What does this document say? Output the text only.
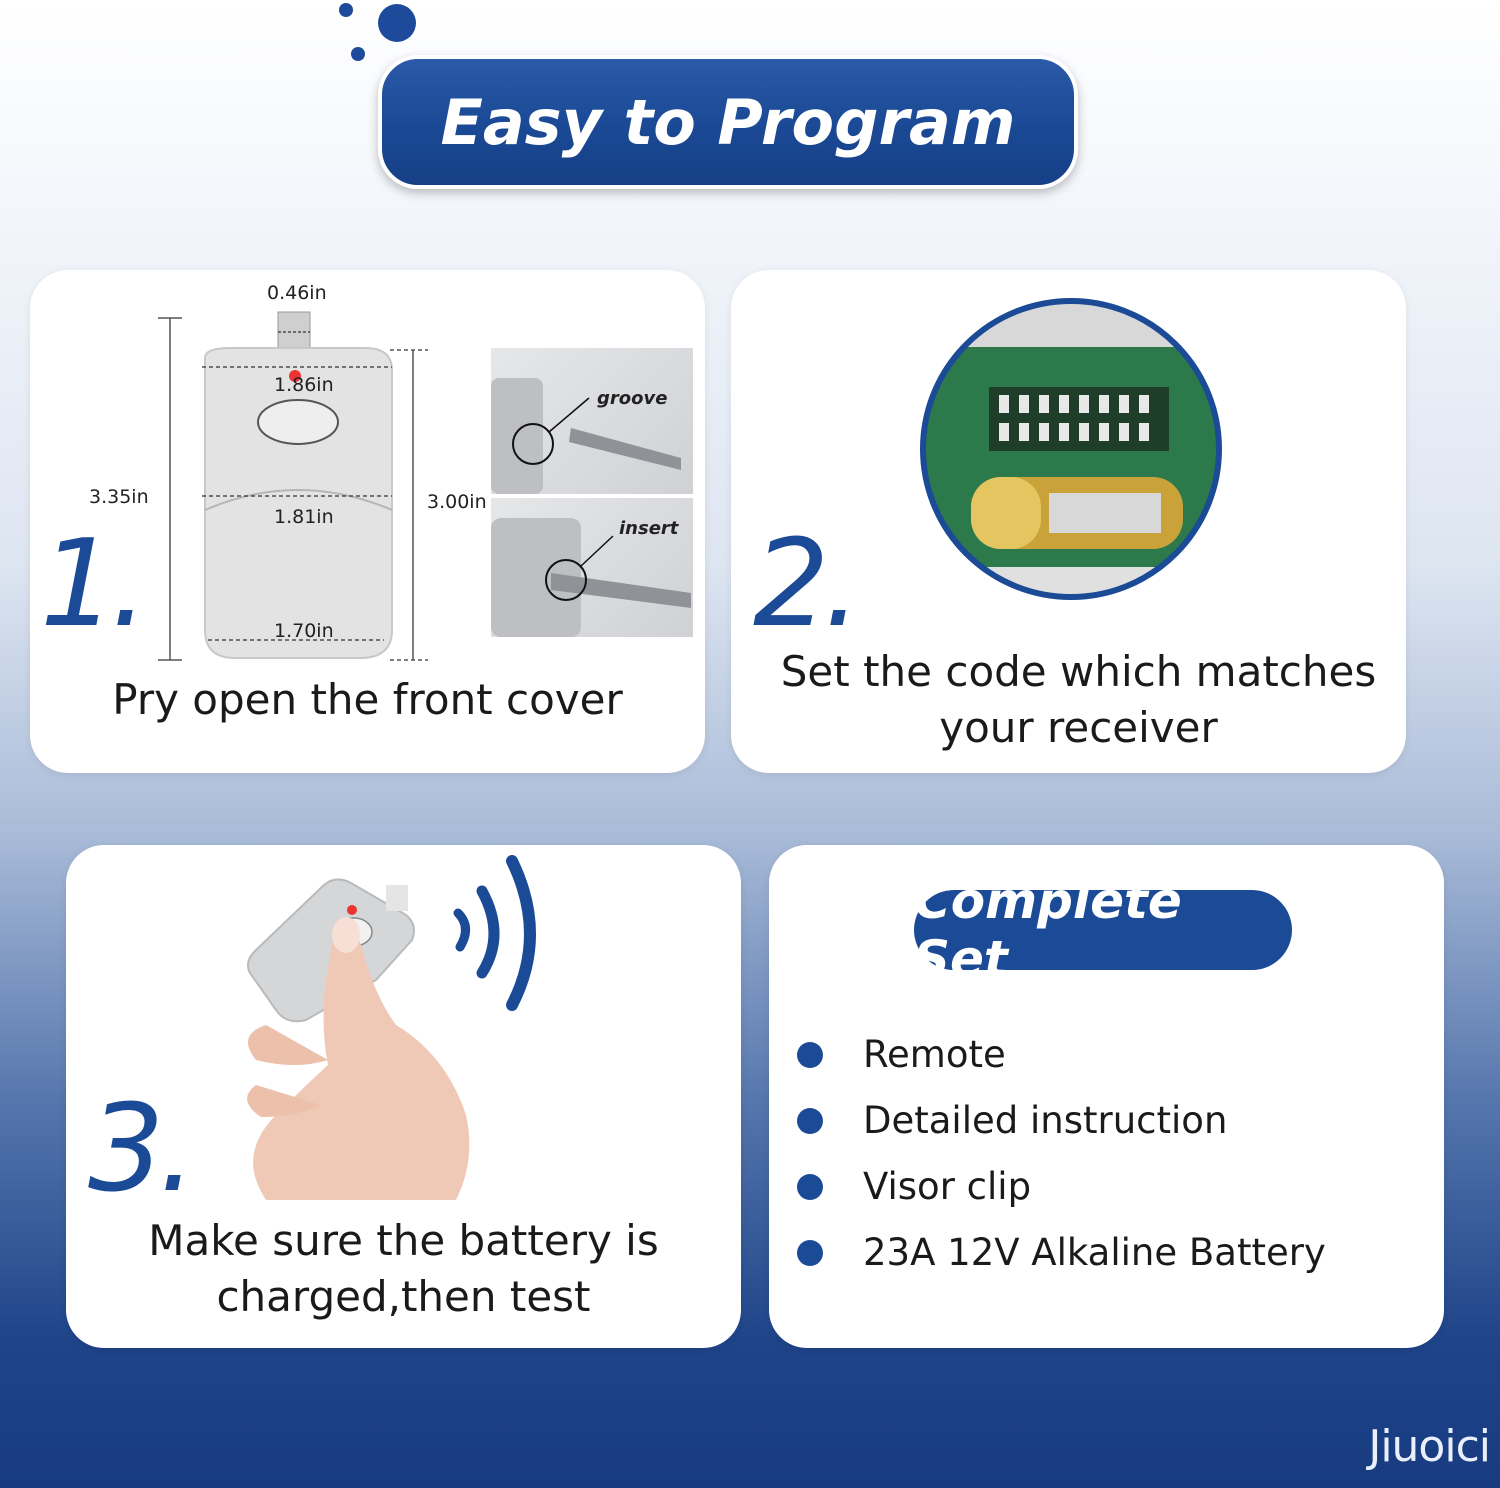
Easy to Program
0.46in
1.86in
1.81in
1.70in
3.35in	3.00in
groove
insert
1.
Pry open the front cover
2.
Set the code which matches
your receiver
3.
Make sure the battery is
charged,then test
Complete Set
Remote
Detailed instruction
Visor clip
23A 12V Alkaline Battery
Jiuoici
